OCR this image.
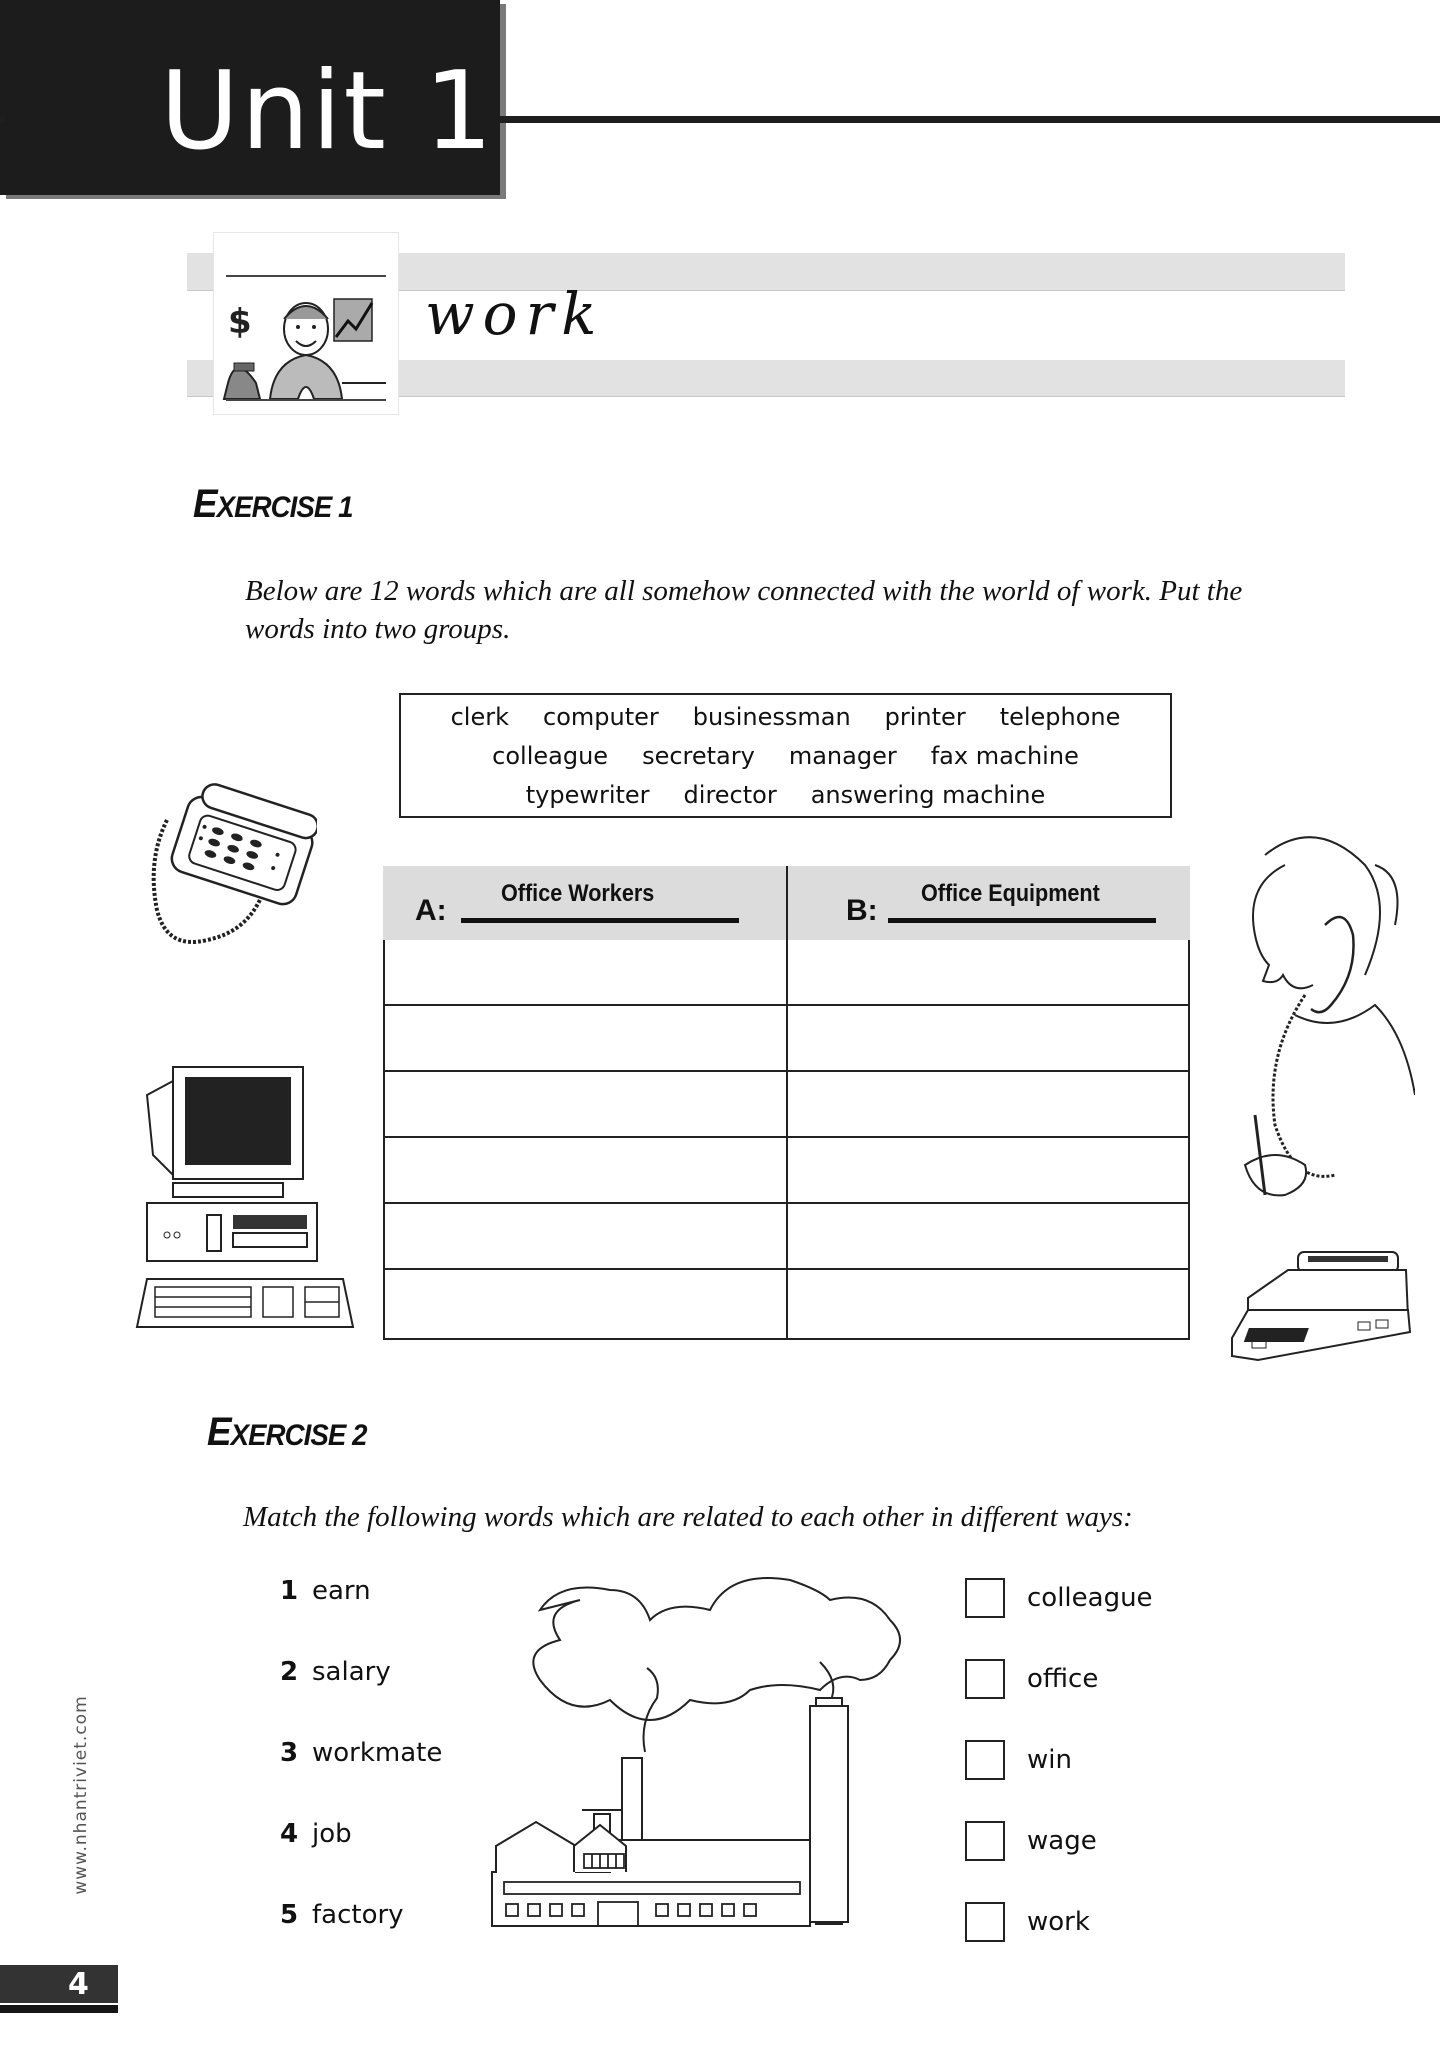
Unit 1
$	work
EXERCISE 1
Below are 12 words which are all somehow connected with the world of work. Put the
words into two groups.
clerk computer businessman printer telephone
colleague secretary manager fax machine
typewriter director answering machine
A:
Office Workers
B:
Office Equipment
EXERCISE 2
Match the following words which are related to each other in different ways:
1 earn
2 salary
3 workmate
4 job
5 factory
colleague
office
win
wage
work
www.nhantriviet.com
4
